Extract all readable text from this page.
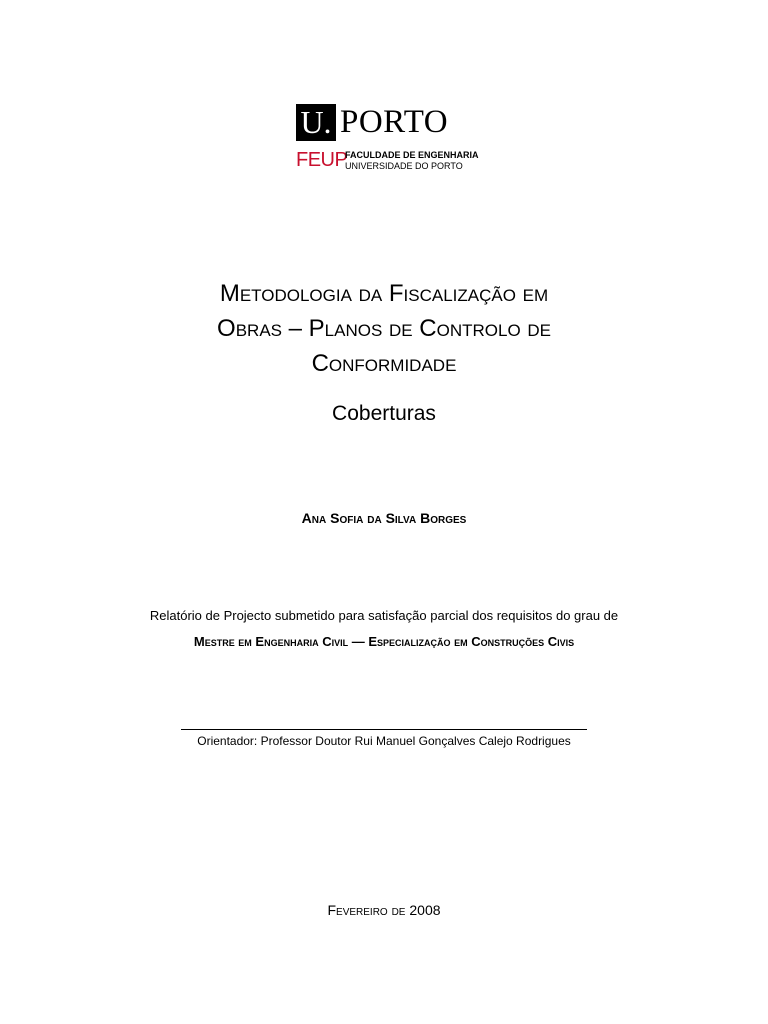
U. PORTO
FEUP
FACULDADE DE ENGENHARIA
UNIVERSIDADE DO PORTO
Metodologia da Fiscalização em
Obras – Planos de Controlo de
Conformidade
Coberturas
Ana Sofia da Silva Borges
Relatório de Projecto submetido para satisfação parcial dos requisitos do grau de
Mestre em Engenharia Civil — Especialização em Construções Civis
Orientador: Professor Doutor Rui Manuel Gonçalves Calejo Rodrigues
Fevereiro de 2008
